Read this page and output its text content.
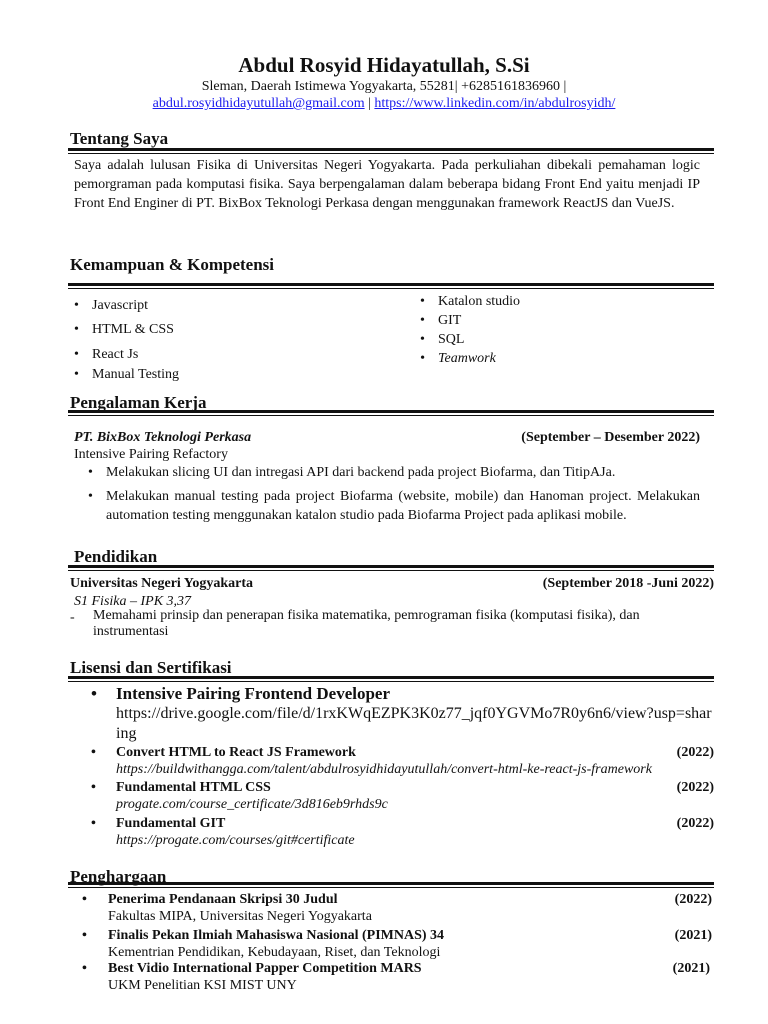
Abdul Rosyid Hidayatullah, S.Si
Sleman, Daerah Istimewa Yogyakarta, 55281| +6285161836960 |
abdul.rosyidhidayutullah@gmail.com | https://www.linkedin.com/in/abdulrosyidh/
Tentang Saya
Saya adalah lulusan Fisika di Universitas Negeri Yogyakarta. Pada perkuliahan dibekali pemahaman logic pemorgraman pada komputasi fisika. Saya berpengalaman dalam beberapa bidang Front End yaitu menjadi IP Front End Enginer di PT. BixBox Teknologi Perkasa dengan menggunakan framework ReactJS dan VueJS.
Kemampuan & Kompetensi
• Javascript
• HTML & CSS
• React Js
• Manual Testing
• Katalon studio
• GIT
• SQL
• Teamwork
Pengalaman Kerja
PT. BixBox Teknologi Perkasa	(September – Desember 2022)
Intensive Pairing Refactory
• Melakukan slicing UI dan intregasi API dari backend pada project Biofarma, dan TitipAJa.
• Melakukan manual testing pada project Biofarma (website, mobile) dan Hanoman project. Melakukan automation testing menggunakan katalon studio pada Biofarma Project pada aplikasi mobile.
Pendidikan
Universitas Negeri Yogyakarta	(September 2018 -Juni 2022)
S1 Fisika – IPK 3,37
-	Memahami prinsip dan penerapan fisika matematika, pemrograman fisika (komputasi fisika), dan instrumentasi
Lisensi dan Sertifikasi
• Intensive Pairing Frontend Developer
https://drive.google.com/file/d/1rxKWqEZPK3K0z77_jqf0YGVMo7R0y6n6/view?usp=sharing
• Convert HTML to React JS Framework	(2022)
https://buildwithangga.com/talent/abdulrosyidhidayutullah/convert-html-ke-react-js-framework
• Fundamental HTML CSS	(2022)
progate.com/course_certificate/3d816eb9rhds9c
• Fundamental GIT	(2022)
https://progate.com/courses/git#certificate
Penghargaan
• Penerima Pendanaan Skripsi 30 Judul	(2022)
Fakultas MIPA, Universitas Negeri Yogyakarta
• Finalis Pekan Ilmiah Mahasiswa Nasional (PIMNAS) 34	(2021)
Kementrian Pendidikan, Kebudayaan, Riset, dan Teknologi
• Best Vidio International Papper Competition MARS	(2021)
UKM Penelitian KSI MIST UNY
